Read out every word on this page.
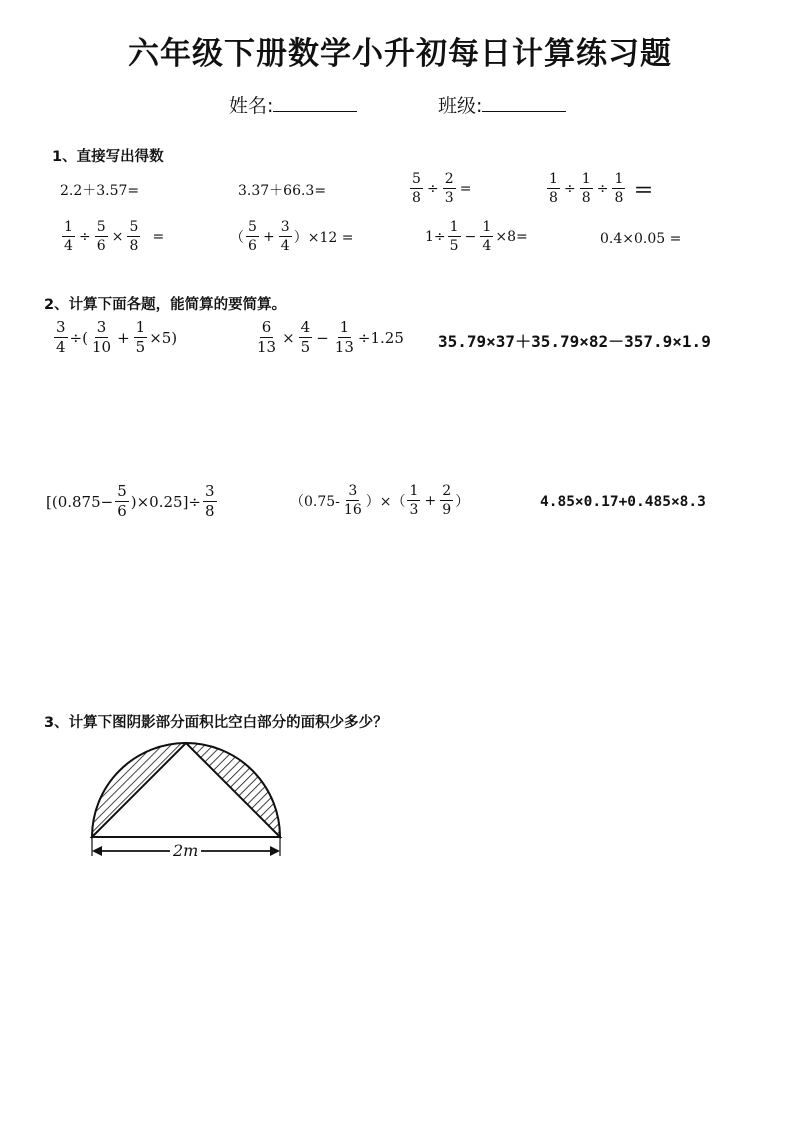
六年级下册数学小升初每日计算练习题
姓名:	班级:
1、直接写出得数
2.2＋3.57=	3.37＋66.3=	$\frac{5}{8} \div \frac{2}{3}$ =	$\frac{1}{8} \div \frac{1}{8} \div \frac{1}{8}$ ＝
$\frac{1}{4} \div \frac{5}{6} \times \frac{5}{8}$ =	（ $\frac{5}{6} + \frac{3}{4} )\times 12$ =	$1\div \frac{1}{5} - \frac{1}{4} \times 8=$	0.4×0.05 =
2、计算下面各题，能简算的要简算。
$\frac{3}{4}$ ÷( $\frac{3}{10} + \frac{1}{5} \times 5$)	$\frac{6}{13} \times \frac{4}{5} - \frac{1}{13} \div 1.25$ 35.79×37＋35.79×82－357.9×1.9
$[(0.875- \frac{5}{6} )\times 0.25]\div \frac{3}{8}$	（$0.75- \frac{3}{16}$ ）×（ $\frac{1}{3} + \frac{2}{9}$ ）	4.85×0.17+0.485×8.3
3、计算下图阴影部分面积比空白部分的面积少多少？
2m
